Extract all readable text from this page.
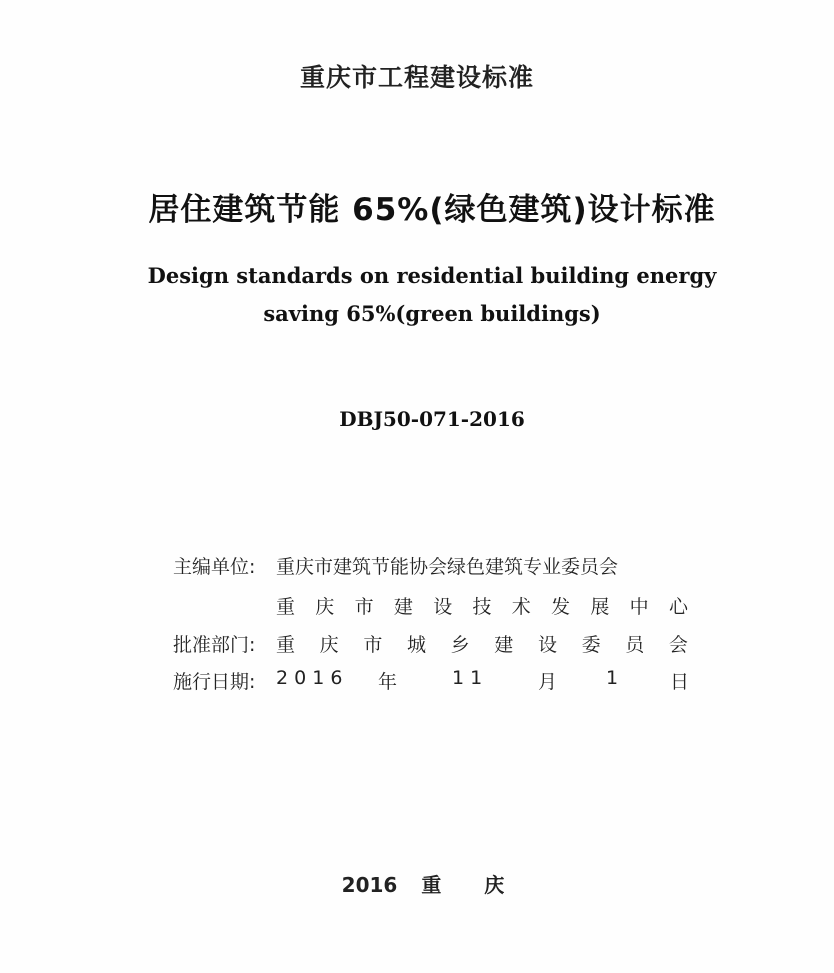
重庆市工程建设标准
居住建筑节能 65%(绿色建筑)设计标准
Design standards on residential building energy
saving 65%(green buildings)
DBJ50-071-2016
主编单位: 重庆市建筑节能协会绿色建筑专业委员会
重 庆 市 建 设 技 术 发 展 中 心
批准部门: 重 庆 市 城 乡 建 设 委 员 会
施行日期: 2 0 1 6 年	1 1	月	1	日
2016 重 庆
